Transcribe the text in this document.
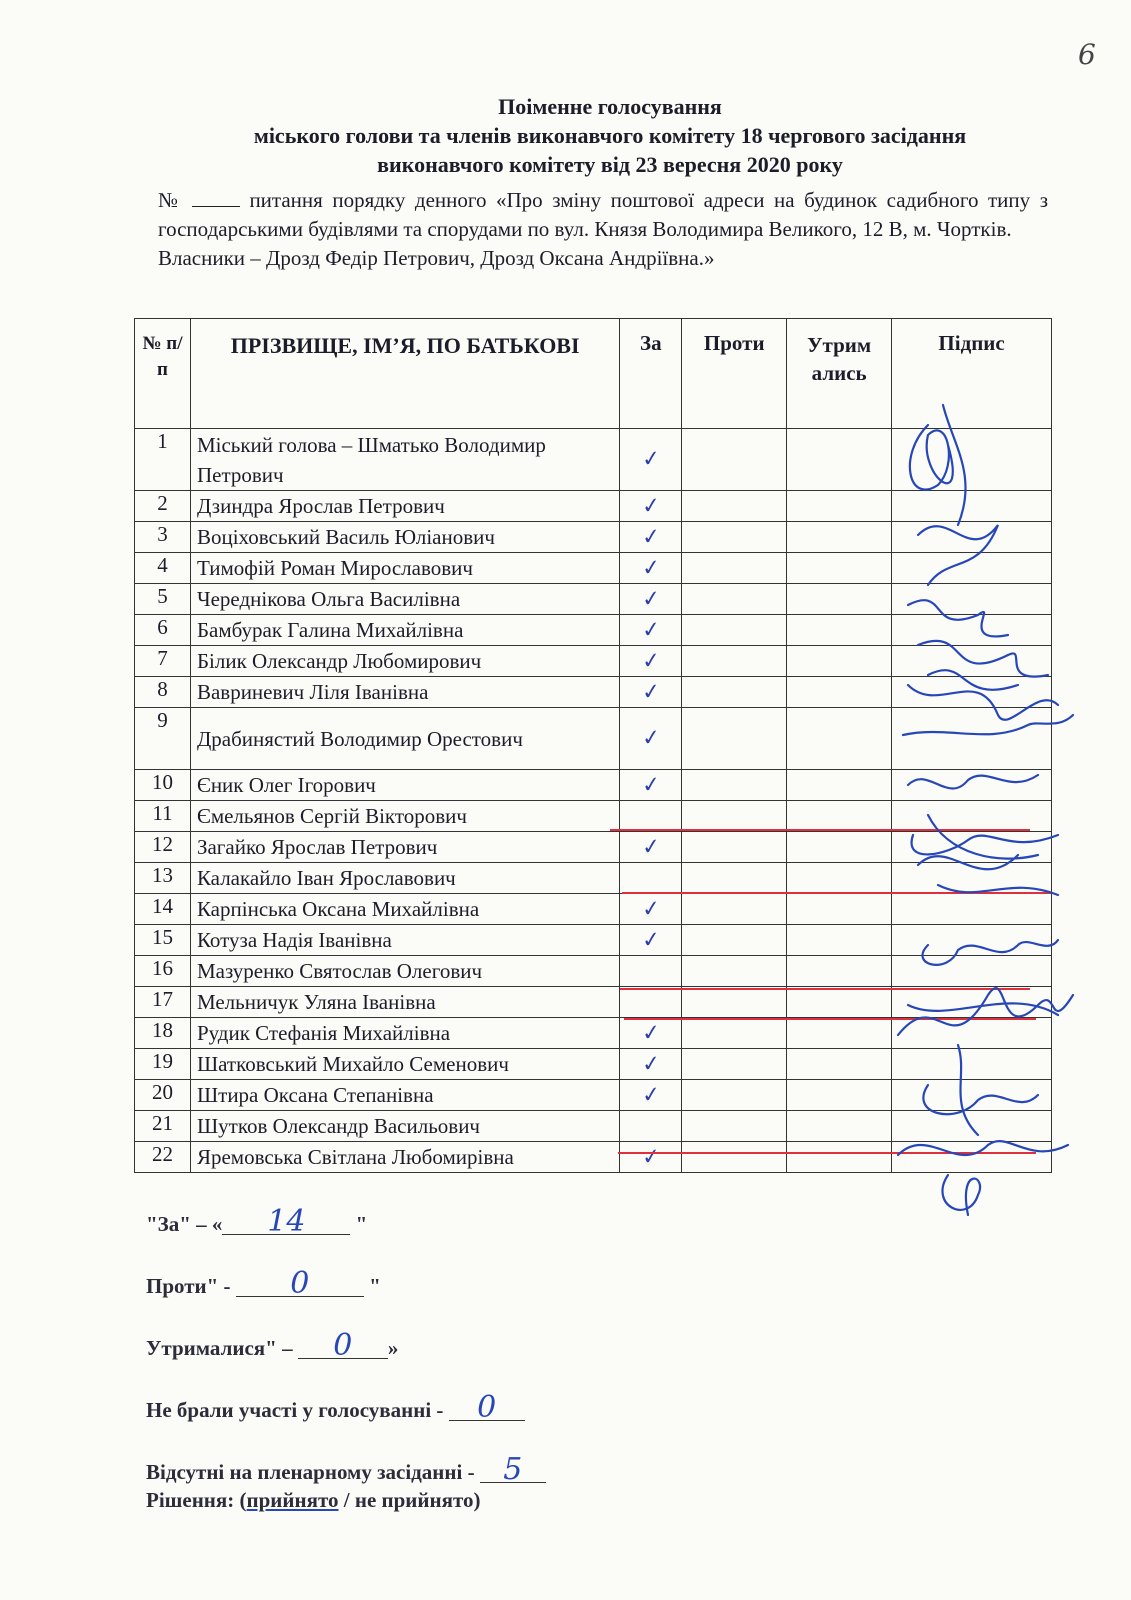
6
Поіменне голосування
міського голови та членів виконавчого комітету 18 чергового засідання
виконавчого комітету від 23 вересня 2020 року

№	питання порядку денного «Про зміну поштової адреси на будинок садибного типу з господарськими будівлями та спорудами по вул. Князя Володимира Великого, 12 В, м. Чортків.

Власники – Дрозд Федір Петрович, Дрозд Оксана Андріївна.»

№ п/п	ПРІЗВИЩЕ, ІМ’Я, ПО БАТЬКОВІ	За	Проти	Утрим ались	Підпис
1	Міський голова – Шматько Володимир Петрович	✓			
2	Дзиндра Ярослав Петрович	✓			
3	Воціховський Василь Юліанович	✓			
4	Тимофій Роман Мирославович	✓			
5	Череднікова Ольга Василівна	✓			
6	Бамбурак Галина Михайлівна	✓			
7	Білик Олександр Любомирович	✓			
8	Вавриневич Ліля Іванівна	✓			
9	Драбинястий Володимир Орестович	✓			
10	Єник Олег Ігорович	✓			
11	Ємельянов Сергій Вікторович				
12	Загайко Ярослав Петрович	✓			
13	Калакайло Іван Ярославович				
14	Карпінська Оксана Михайлівна	✓			
15	Котуза Надія Іванівна	✓			
16	Мазуренко Святослав Олегович				
17	Мельничук Уляна Іванівна				
18	Рудик Стефанія Михайлівна	✓			
19	Шатковський Михайло Семенович	✓			
20	Штира Оксана Степанівна	✓			
21	Шутков Олександр Васильович				
22	Яремовська Світлана Любомирівна	✓			
"За" – « 14 "
Проти" - 0	"
Утрималися" – 0 »
Не брали участі у голосуванні - 0
Відсутні на пленарному засіданні - 5
Рішення: (прийнято / не прийнято)
